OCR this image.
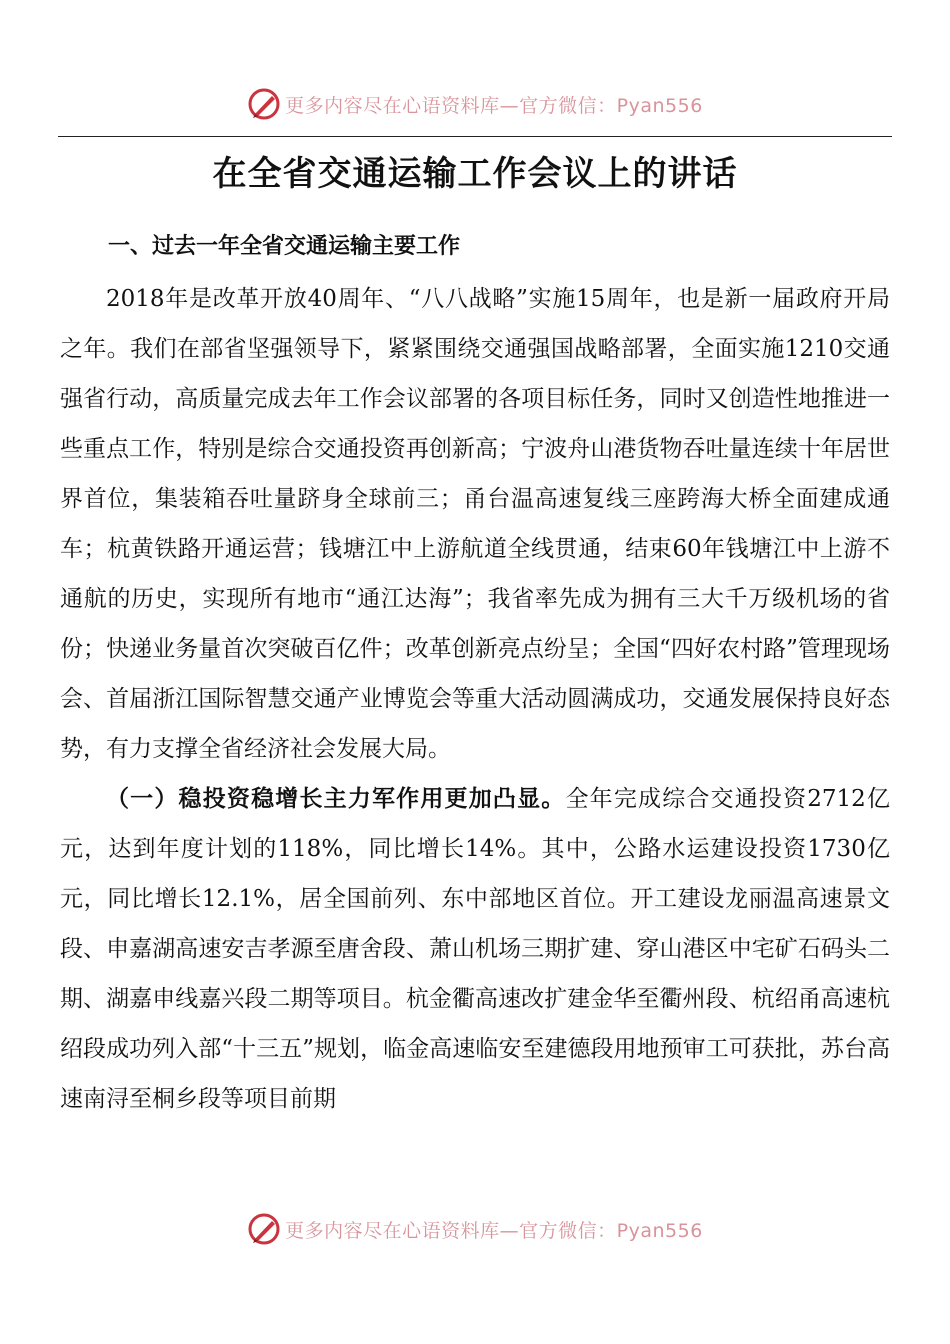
更多内容尽在心语资料库—官方微信：Pyan556
在全省交通运输工作会议上的讲话
一、过去一年全省交通运输主要工作

2018年是改革开放40周年、“八八战略”实施15周年，也是新一届政府开局之年。我们在部省坚强领导下，紧紧围绕交通强国战略部署，全面实施1210交通强省行动，高质量完成去年工作会议部署的各项目标任务，同时又创造性地推进一些重点工作，特别是综合交通投资再创新高；宁波舟山港货物吞吐量连续十年居世界首位，集装箱吞吐量跻身全球前三；甬台温高速复线三座跨海大桥全面建成通车；杭黄铁路开通运营；钱塘江中上游航道全线贯通，结束60年钱塘江中上游不通航的历史，实现所有地市“通江达海”；我省率先成为拥有三大千万级机场的省份；快递业务量首次突破百亿件；改革创新亮点纷呈；全国“四好农村路”管理现场会、首届浙江国际智慧交通产业博览会等重大活动圆满成功，交通发展保持良好态势，有力支撑全省经济社会发展大局。

（一）稳投资稳增长主力军作用更加凸显。全年完成综合交通投资2712亿元，达到年度计划的118%，同比增长14%。其中，公路水运建设投资1730亿元，同比增长12.1%，居全国前列、东中部地区首位。开工建设龙丽温高速景文段、申嘉湖高速安吉孝源至唐舍段、萧山机场三期扩建、穿山港区中宅矿石码头二期、湖嘉申线嘉兴段二期等项目。杭金衢高速改扩建金华至衢州段、杭绍甬高速杭绍段成功列入部“十三五”规划，临金高速临安至建德段用地预审工可获批，苏台高速南浔至桐乡段等项目前期

更多内容尽在心语资料库—官方微信：Pyan556
